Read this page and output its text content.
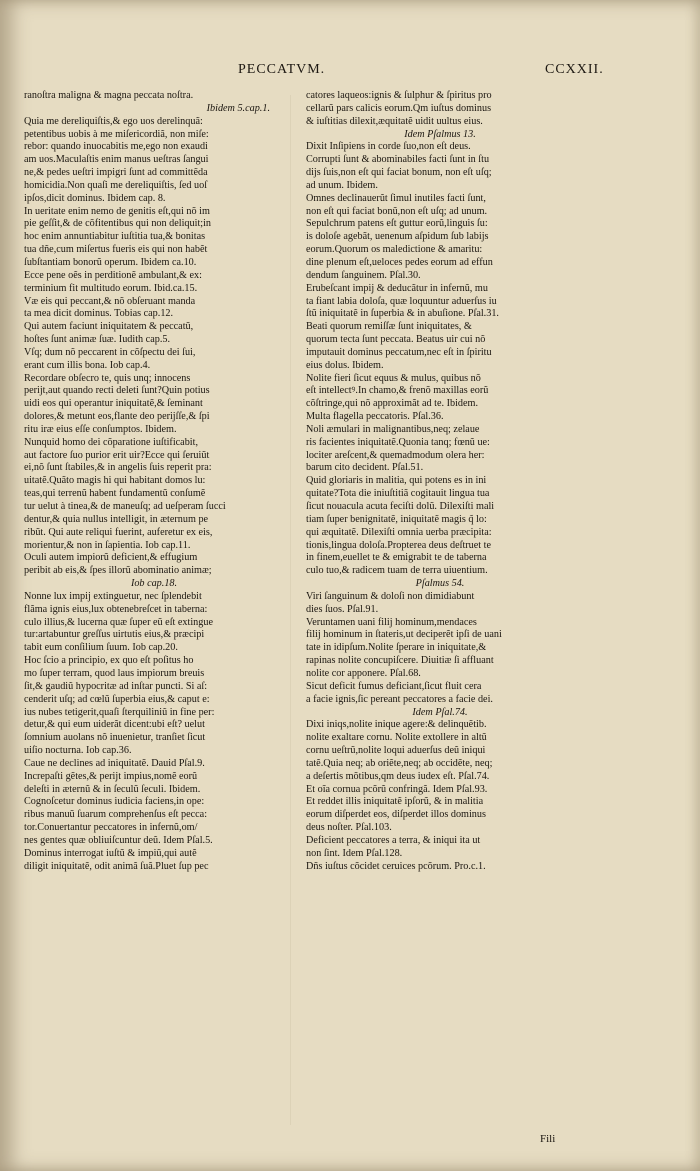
PECCATVM.	CCXXII.
ranoſtra maligna & magna peccata noſtra.
Ibidem 5.cap.1.
Quia me dereliquiſtis,& ego uos derelinquã:
petentibus uobis à me miſericordiã, non miſe:
rebor: quando inuocabitis me,ego non exaudi
am uos.Maculaſtis enim manus ueſtras ſangui
ne,& pedes ueſtri impigri ſunt ad committẽda
homicidia.Non quaſi me dereliquiſtis, ſed uoſ
ipſos,dicit dominus. Ibidem cap. 8.
In ueritate enim nemo de genitis eſt,qui nõ im
pie geſſit,& de cõfitentibus qui non deliquit;in
hoc enim annuntiabitur iuſtitia tua,& bonitas
tua dñe,cum miſertus fueris eis qui non habẽt
ſubſtantiam bonorũ operum. Ibidem ca.10.
Ecce pene oẽs in perditionẽ ambulant,& ex:
terminium fit multitudo eorum. Ibid.ca.15.
Væ eis qui peccant,& nõ obſeruant manda
ta mea dicit dominus. Tobias cap.12.
Qui autem faciunt iniquitatem & peccatũ,
hoſtes ſunt animæ ſuæ. Iudith cap.5.
Vſq; dum nõ peccarent in cõſpectu dei ſui,
erant cum illis bona. Iob cap.4.
Recordare obſecro te, quis unq; innocens
perijt,aut quando recti deleti ſunt?Quin potius
uidi eos qui operantur iniquitatẽ,& ſeminant
dolores,& metunt eos,flante deo perijſſe,& ſpi
ritu iræ eius eſſe conſumptos. Ibidem.
Nunquid homo dei cõparatione iuſtificabit,
aut factore ſuo purior erit uir?Ecce qui ſeruiũt
ei,nõ ſunt ſtabiles,& in angelis ſuis reperit pra:
uitatẽ.Quãto magis hi qui habitant domos lu:
teas,qui terrenũ habent fundamentũ conſumẽ
tur uelut à tinea,& de maneuſq; ad ueſperam ſucci
dentur,& quia nullus intelligit, in æternum pe
ribũt. Qui aute reliqui fuerint, auferetur ex eis,
morientur,& non in ſapientia. Iob cap.11.
Oculi autem impiorũ deficient,& effugium
peribit ab eis,& ſpes illorũ abominatio animæ;
Iob cap.18.
Nonne lux impij extinguetur, nec ſplendebit
flãma ignis eius,lux obtenebreſcet in taberna:
culo illius,& lucerna quæ ſuper eũ eſt extingue
tur:artabuntur greſſus uirtutis eius,& præcipi
tabit eum conſilium ſuum. Iob cap.20.
Hoc ſcio a principio, ex quo eſt poſitus ho
mo ſuper terram, quod laus impiorum breuis
ſit,& gaudiũ hypocritæ ad inſtar puncti. Si aſ:
cenderit uſq; ad cœlũ ſuperbia eius,& caput e:
ius nubes tetigerit,quaſi ſterquiliniũ in fine per:
detur,& qui eum uiderãt dicent:ubi eſt? uelut
ſomnium auolans nõ inuenietur, tranſiet ſicut
uiſio nocturna. Iob cap.36.
Caue ne declines ad iniquitatẽ. Dauid Pſal.9.
Increpaſti gẽtes,& perijt impius,nomẽ eorũ
deleſti in æternũ & in ſeculũ ſeculi. Ibidem.
Cognoſcetur dominus iudicia faciens,in ope:
ribus manuũ ſuarum comprehenſus eſt pecca:
tor.Conuertantur peccatores in infernũ,om/
nes gentes quæ obliuiſcuntur deũ. Idem Pſal.5.
Dominus interrogat iuſtũ & impiũ,qui autẽ
diligit iniquitatẽ, odit animã ſuã.Pluet ſup pec
catores laqueos:ignis & ſulphur & ſpiritus pro
cellarũ pars calicis eorum.Qm iuſtus dominus
& iuſtitias dilexit,æquitatẽ uidit uultus eius.
Idem Pſalmus 13.
Dixit Inſipiens in corde ſuo,non eſt deus.
Corrupti ſunt & abominabiles facti ſunt in ſtu
dijs ſuis,non eſt qui faciat bonum, non eſt uſq;
ad unum. Ibidem.
Omnes declinauerũt ſimul inutiles facti ſunt,
non eſt qui faciat bonũ,non eſt uſq; ad unum.
Sepulchrum patens eſt guttur eorũ,linguis ſu:
is doloſe agebãt, uenenum aſpidum ſub labijs
eorum.Quorum os maledictione & amaritu:
dine plenum eſt,ueloces pedes eorum ad effun
dendum ſanguinem. Pſal.30.
Erubeſcant impij & deducãtur in infernũ, mu
ta fiant labia doloſa, quæ loquuntur aduerſus iu
ſtũ iniquitatẽ in ſuperbia & in abuſione. Pſal.31.
Beati quorum remiſſæ ſunt iniquitates, &
quorum tecta ſunt peccata. Beatus uir cui nõ
imputauit dominus peccatum,nec eſt in ſpiritu
eius dolus. Ibidem.
Nolite fieri ſicut equus & mulus, quibus nõ
eſt intellectꝰ.In chamo,& frenõ maxillas eorũ
cõſtringe,qui nõ approximãt ad te. Ibidem.
Multa flagella peccatoris. Pſal.36.
Noli æmulari in malignantibus,neq; zelaue
ris facientes iniquitatẽ.Quonia tanq; fœnũ ue:
lociter areſcent,& quemadmodum olera her:
barum cito decident. Pſal.51.
Quid gloriaris in malitia, qui potens es in ini
quitate?Tota die iniuſtitiã cogitauit lingua tua
ſicut nouacula acuta feciſti dolũ. Dilexiſti mali
tiam ſuper benignitatẽ, iniquitatẽ magis q̃ lo:
qui æquitatẽ. Dilexiſti omnia uerba præcipita:
tionis,lingua doloſa.Propterea deus deſtruet te
in finem,euellet te & emigrabit te de taberna
culo tuo,& radicem tuam de terra uiuentium.
Pſalmus 54.
Viri ſanguinum & doloſi non dimidiabunt
dies ſuos. Pſal.91.
Veruntamen uani filij hominum,mendaces
filij hominum in ſtateris,ut deciperẽt ipſi de uani
tate in idipſum.Nolite ſperare in iniquitate,&
rapinas nolite concupiſcere. Diuitiæ ſi affluant
nolite cor apponere. Pſal.68.
Sicut deficit fumus deficiant,ſicut fluit cera
a facie ignis,ſic pereant peccatores a facie dei.
Idem Pſal.74.
Dixi iniqs,nolite inique agere:& delinquẽtib.
nolite exaltare cornu. Nolite extollere in altũ
cornu ueſtrũ,nolite loqui aduerſus deũ iniqui
tatẽ.Quia neq; ab oriẽte,neq; ab occidẽte, neq;
a deſertis mõtibus,qm deus iudex eſt. Pſal.74.
Et oĩa cornua pcõrũ confringã. Idem Pſal.93.
Et reddet illis iniquitatẽ ipſorũ, & in malitia
eorum diſperdet eos, diſperdet illos dominus
deus noſter. Pſal.103.
Deficient peccatores a terra, & iniqui ita ut
non ſint. Idem Pſal.128.
Dñs iuſtus cõcidet ceruices pcõrum. Pro.c.1.
Fili
